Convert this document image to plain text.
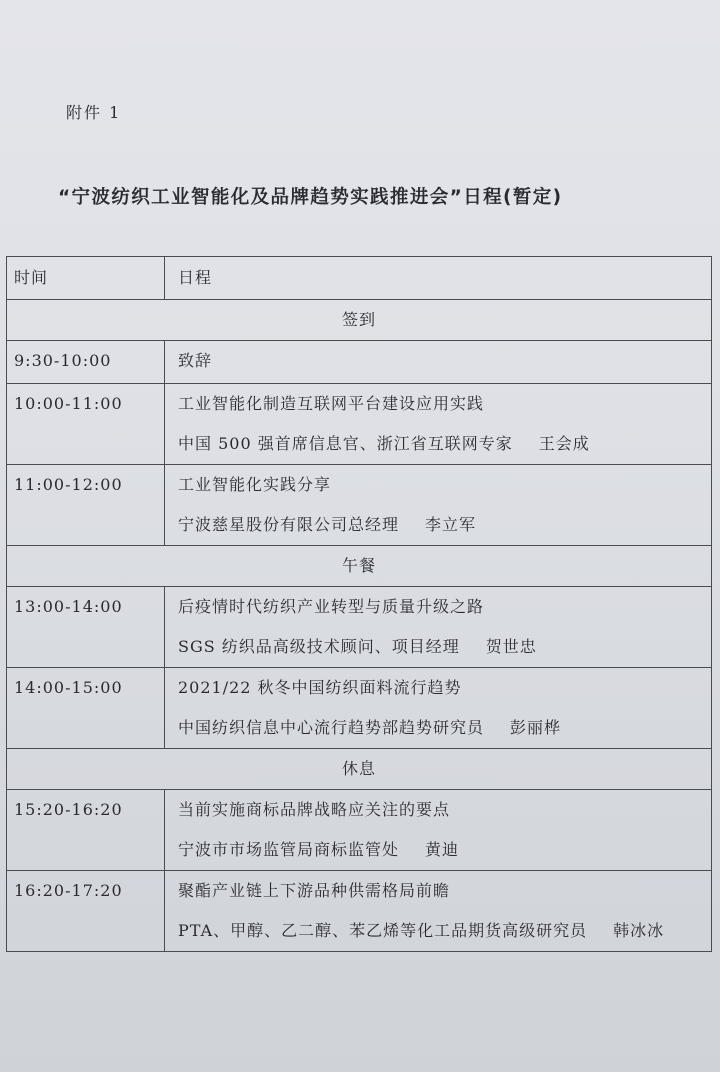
附件 1
“宁波纺织工业智能化及品牌趋势实践推进会”日程(暂定)
时间	日程
签到	
9:30-10:00	致辞

10:00-11:00	工业智能化制造互联网平台建设应用实践
中国 500 强首席信息官、浙江省互联网专家 王会成

11:00-12:00	工业智能化实践分享
宁波慈星股份有限公司总经理 李立军

午餐	

13:00-14:00	后疫情时代纺织产业转型与质量升级之路
SGS 纺织品高级技术顾问、项目经理 贺世忠

14:00-15:00	2021/22 秋冬中国纺织面料流行趋势
中国纺织信息中心流行趋势部趋势研究员 彭丽桦

休息	

15:20-16:20	当前实施商标品牌战略应关注的要点
宁波市市场监管局商标监管处 黄迪

16:20-17:20	聚酯产业链上下游品种供需格局前瞻
PTA、甲醇、乙二醇、苯乙烯等化工品期货高级研究员 韩冰冰
